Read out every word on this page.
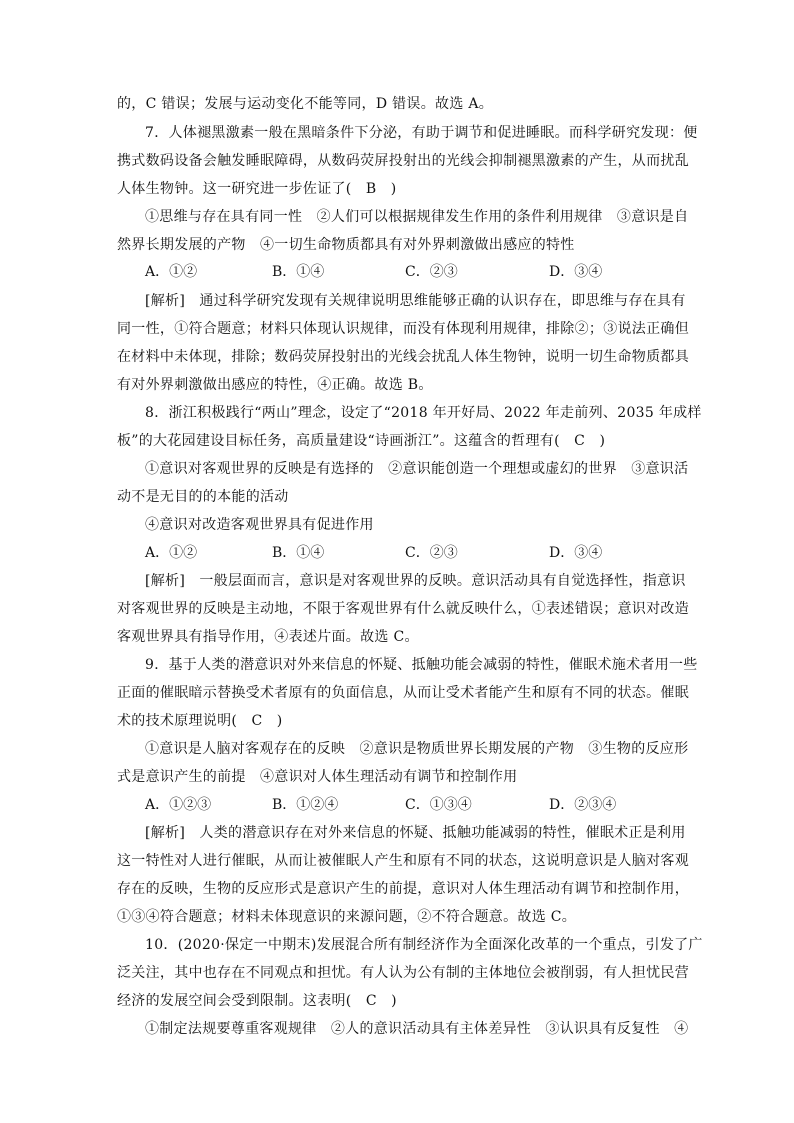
的，C 错误；发展与运动变化不能等同，D 错误。故选 A。
7．人体褪黑激素一般在黑暗条件下分泌，有助于调节和促进睡眠。而科学研究发现：便
携式数码设备会触发睡眠障碍，从数码荧屏投射出的光线会抑制褪黑激素的产生，从而扰乱
人体生物钟。这一研究进一步佐证了(　B　)
①思维与存在具有同一性　②人们可以根据规律发生作用的条件利用规律　③意识是自
然界长期发展的产物　④一切生命物质都具有对外界刺激做出感应的特性
A．①②	B．①④	C．②③	D．③④
[解析]　通过科学研究发现有关规律说明思维能够正确的认识存在，即思维与存在具有
同一性，①符合题意；材料只体现认识规律，而没有体现利用规律，排除②；③说法正确但
在材料中未体现，排除；数码荧屏投射出的光线会扰乱人体生物钟，说明一切生命物质都具
有对外界刺激做出感应的特性，④正确。故选 B。
8．浙江积极践行“两山”理念，设定了“2018 年开好局、2022 年走前列、2035 年成样
板”的大花园建设目标任务，高质量建设“诗画浙江”。这蕴含的哲理有(　C　)
①意识对客观世界的反映是有选择的　②意识能创造一个理想或虚幻的世界　③意识活
动不是无目的的本能的活动
④意识对改造客观世界具有促进作用
A．①②	B．①④	C．②③	D．③④
[解析]　一般层面而言，意识是对客观世界的反映。意识活动具有自觉选择性，指意识
对客观世界的反映是主动地，不限于客观世界有什么就反映什么，①表述错误；意识对改造
客观世界具有指导作用，④表述片面。故选 C。
9．基于人类的潜意识对外来信息的怀疑、抵触功能会减弱的特性，催眠术施术者用一些
正面的催眠暗示替换受术者原有的负面信息，从而让受术者能产生和原有不同的状态。催眠
术的技术原理说明(　C　)
①意识是人脑对客观存在的反映　②意识是物质世界长期发展的产物　③生物的反应形
式是意识产生的前提　④意识对人体生理活动有调节和控制作用
A．①②③	B．①②④	C．①③④	D．②③④
[解析]　人类的潜意识存在对外来信息的怀疑、抵触功能减弱的特性，催眠术正是利用
这一特性对人进行催眠，从而让被催眠人产生和原有不同的状态，这说明意识是人脑对客观
存在的反映，生物的反应形式是意识产生的前提，意识对人体生理活动有调节和控制作用，
①③④符合题意；材料未体现意识的来源问题，②不符合题意。故选 C。
10．(2020·保定一中期末)发展混合所有制经济作为全面深化改革的一个重点，引发了广
泛关注，其中也存在不同观点和担忧。有人认为公有制的主体地位会被削弱，有人担忧民营
经济的发展空间会受到限制。这表明(　C　)
①制定法规要尊重客观规律　②人的意识活动具有主体差异性　③认识具有反复性　④
